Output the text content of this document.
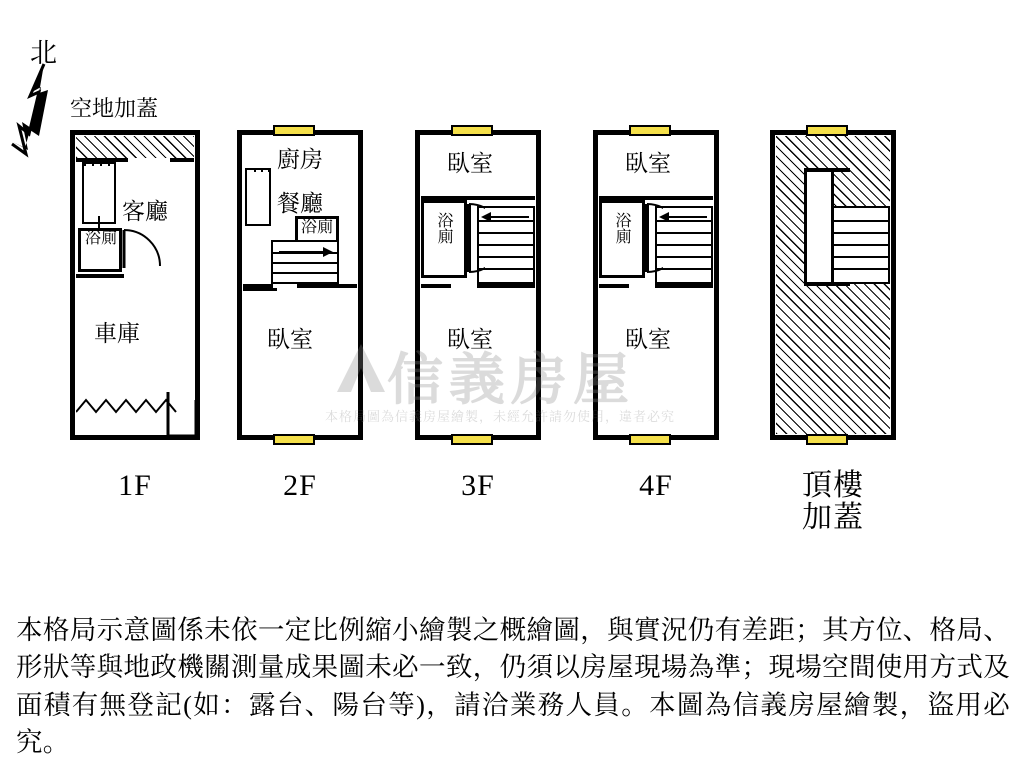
北
空地加蓋
浴廁
客廳
車庫
1F
廚房
餐廳
浴廁
臥室
2F
臥室
浴廁
臥室
3F
臥室
浴廁
臥室
4F	頂樓
加蓋
信義房屋
本格局圖為信義房屋繪製，未經允許請勿使用，違者必究

本格局示意圖係未依一定比例縮小繪製之概繪圖，與實況仍有差距；其方位、格局、形狀等與地政機關測量成果圖未必一致，仍須以房屋現場為準；現場空間使用方式及面積有無登記(如：露台、陽台等)，請洽業務人員。本圖為信義房屋繪製，盜用必究。
